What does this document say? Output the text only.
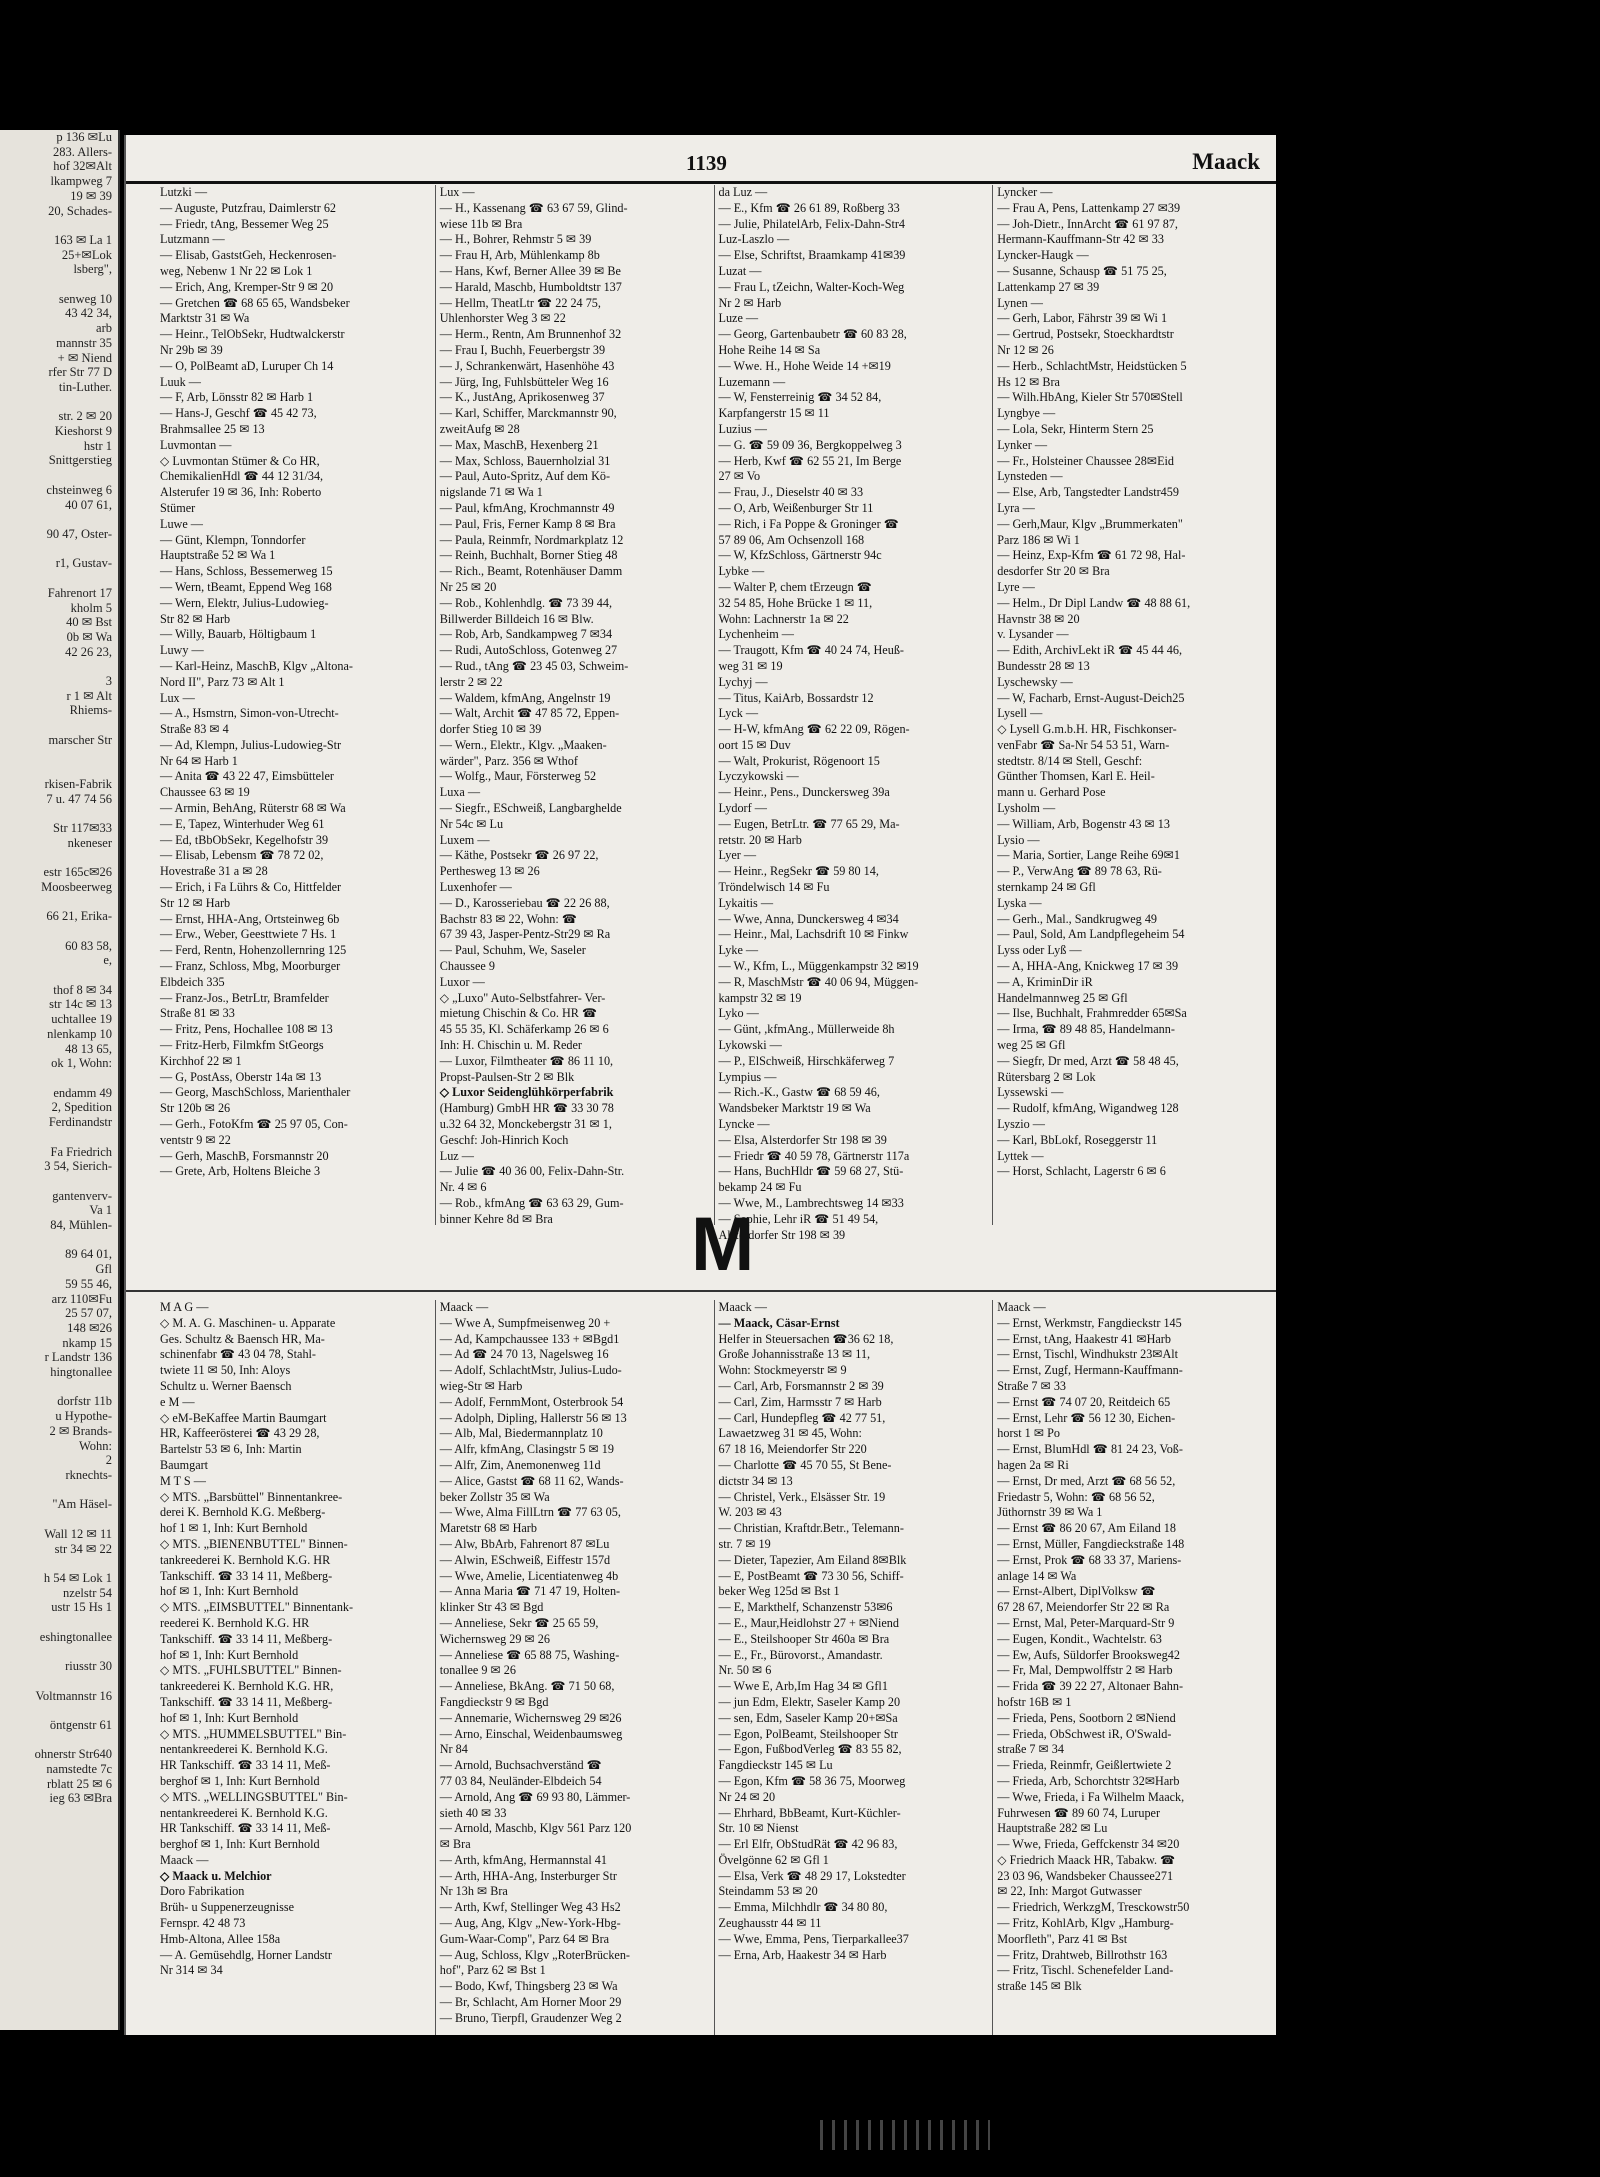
p 136 ✉Lu
283. Allers-
hof 32✉Alt
lkampweg 7
19 ✉ 39
20, Schades-

163 ✉ La 1
25+✉Lok
lsberg",

senweg 10
43 42 34,
arb
mannstr 35
+ ✉ Niend
rfer Str 77 D
tin-Luther.

str. 2 ✉ 20
Kieshorst 9
hstr 1
Snittgerstieg

chsteinweg 6
40 07 61,

90 47, Oster-

r1, Gustav-

Fahrenort 17
kholm 5
40 ✉ Bst
0b ✉ Wa
42 26 23,

3
r 1 ✉ Alt
Rhiems-

marscher Str

rkisen-Fabrik
7 u. 47 74 56

Str 117✉33
nkeneser

estr 165c✉26
Moosbeerweg

66 21, Erika-

60 83 58,
e,

thof 8 ✉ 34
str 14c ✉ 13
uchtallee 19
nlenkamp 10
48 13 65,
ok 1, Wohn:

endamm 49
2, Spedition
Ferdinandstr

Fa Friedrich
3 54, Sierich-

gantenverv-
Va 1
84, Mühlen-

89 64 01,
Gfl
59 55 46,
arz 110✉Fu
25 57 07,
148 ✉26
nkamp 15
r Landstr 136
hingtonallee

dorfstr 11b
u Hypothe-
2 ✉ Brands-
Wohn:
2
rknechts-

"Am Häsel-

Wall 12 ✉ 11
str 34 ✉ 22

h 54 ✉ Lok 1
nzelstr 54
ustr 15 Hs 1

eshingtonallee

riusstr 30

Voltmannstr 16

öntgenstr 61

ohnerstr Str640
namstedte 7c
rblatt 25 ✉ 6
ieg 63 ✉Bra
1139	Maack
Lutzki —
— Auguste, Putzfrau, Daimlerstr 62
— Friedr, tAng, Bessemer Weg 25
Lutzmann —
— Elisab, GaststGeh, Heckenrosen-
weg, Nebenw 1 Nr 22 ✉ Lok 1
— Erich, Ang, Kremper-Str 9 ✉ 20
— Gretchen ☎ 68 65 65, Wandsbeker
Marktstr 31 ✉ Wa
— Heinr., TelObSekr, Hudtwalckerstr
Nr 29b ✉ 39
— O, PolBeamt aD, Luruper Ch 14
Luuk —
— F, Arb, Lönsstr 82 ✉ Harb 1
— Hans-J, Geschf ☎ 45 42 73,
Brahmsallee 25 ✉ 13
Luvmontan —
◇ Luvmontan Stümer & Co HR,
ChemikalienHdl ☎ 44 12 31/34,
Alsterufer 19 ✉ 36, Inh: Roberto
Stümer
Luwe —
— Günt, Klempn, Tonndorfer
Hauptstraße 52 ✉ Wa 1
— Hans, Schloss, Bessemerweg 15
— Wern, tBeamt, Eppend Weg 168
— Wern, Elektr, Julius-Ludowieg-
Str 82 ✉ Harb
— Willy, Bauarb, Höltigbaum 1
Luwy —
— Karl-Heinz, MaschB, Klgv „Altona-
Nord II", Parz 73 ✉ Alt 1
Lux —
— A., Hsmstrn, Simon-von-Utrecht-
Straße 83 ✉ 4
— Ad, Klempn, Julius-Ludowieg-Str
Nr 64 ✉ Harb 1
— Anita ☎ 43 22 47, Eimsbütteler
Chaussee 63 ✉ 19
— Armin, BehAng, Rüterstr 68 ✉ Wa
— E, Tapez, Winterhuder Weg 61
— Ed, tBbObSekr, Kegelhofstr 39
— Elisab, Lebensm ☎ 78 72 02,
Hovestraße 31 a ✉ 28
— Erich, i Fa Lührs & Co, Hittfelder
Str 12 ✉ Harb
— Ernst, HHA-Ang, Ortsteinweg 6b
— Erw., Weber, Geesttwiete 7 Hs. 1
— Ferd, Rentn, Hohenzollernring 125
— Franz, Schloss, Mbg, Moorburger
Elbdeich 335
— Franz-Jos., BetrLtr, Bramfelder
Straße 81 ✉ 33
— Fritz, Pens, Hochallee 108 ✉ 13
— Fritz-Herb, Filmkfm StGeorgs
Kirchhof 22 ✉ 1
— G, PostAss, Oberstr 14a ✉ 13
— Georg, MaschSchloss, Marienthaler
Str 120b ✉ 26
— Gerh., FotoKfm ☎ 25 97 05, Con-
ventstr 9 ✉ 22
— Gerh, MaschB, Forsmannstr 20
— Grete, Arb, Holtens Bleiche 3
Lux —
— H., Kassenang ☎ 63 67 59, Glind-
wiese 11b ✉ Bra
— H., Bohrer, Rehmstr 5 ✉ 39
— Frau H, Arb, Mühlenkamp 8b
— Hans, Kwf, Berner Allee 39 ✉ Be
— Harald, Maschb, Humboldtstr 137
— Hellm, TheatLtr ☎ 22 24 75,
Uhlenhorster Weg 3 ✉ 22
— Herm., Rentn, Am Brunnenhof 32
— Frau I, Buchh, Feuerbergstr 39
— J, Schrankenwärt, Hasenhöhe 43
— Jürg, Ing, Fuhlsbütteler Weg 16
— K., JustAng, Aprikosenweg 37
— Karl, Schiffer, Marckmannstr 90,
zweitAufg ✉ 28
— Max, MaschB, Hexenberg 21
— Max, Schloss, Bauernholzial 31
— Paul, Auto-Spritz, Auf dem Kö-
nigslande 71 ✉ Wa 1
— Paul, kfmAng, Krochmannstr 49
— Paul, Fris, Ferner Kamp 8 ✉ Bra
— Paula, Reinmfr, Nordmarkplatz 12
— Reinh, Buchhalt, Borner Stieg 48
— Rich., Beamt, Rotenhäuser Damm
Nr 25 ✉ 20
— Rob., Kohlenhdlg. ☎ 73 39 44,
Billwerder Billdeich 16 ✉ Blw.
— Rob, Arb, Sandkampweg 7 ✉34
— Rudi, AutoSchloss, Gotenweg 27
— Rud., tAng ☎ 23 45 03, Schweim-
lerstr 2 ✉ 22
— Waldem, kfmAng, Angelnstr 19
— Walt, Archit ☎ 47 85 72, Eppen-
dorfer Stieg 10 ✉ 39
— Wern., Elektr., Klgv. „Maaken-
wärder", Parz. 356 ✉ Wthof
— Wolfg., Maur, Försterweg 52
Luxa —
— Siegfr., ESchweiß, Langbarghelde
Nr 54c ✉ Lu
Luxem —
— Käthe, Postsekr ☎ 26 97 22,
Perthesweg 13 ✉ 26
Luxenhofer —
— D., Karosseriebau ☎ 22 26 88,
Bachstr 83 ✉ 22, Wohn: ☎
67 39 43, Jasper-Pentz-Str29 ✉ Ra
— Paul, Schuhm, We, Saseler
Chaussee 9
Luxor —
◇ „Luxo" Auto-Selbstfahrer- Ver-
mietung Chischin & Co. HR ☎
45 55 35, Kl. Schäferkamp 26 ✉ 6
Inh: H. Chischin u. M. Reder
— Luxor, Filmtheater ☎ 86 11 10,
Propst-Paulsen-Str 2 ✉ Blk
◇ Luxor Seidenglühkörperfabrik
(Hamburg) GmbH HR ☎ 33 30 78
u.32 64 32, Monckebergstr 31 ✉ 1,
Geschf: Joh-Hinrich Koch
Luz —
— Julie ☎ 40 36 00, Felix-Dahn-Str.
Nr. 4 ✉ 6
— Rob., kfmAng ☎ 63 63 29, Gum-
binner Kehre 8d ✉ Bra
da Luz —
— E., Kfm ☎ 26 61 89, Roßberg 33
— Julie, PhilatelArb, Felix-Dahn-Str4
Luz-Laszlo —
— Else, Schriftst, Braamkamp 41✉39
Luzat —
— Frau L, tZeichn, Walter-Koch-Weg
Nr 2 ✉ Harb
Luze —
— Georg, Gartenbaubetr ☎ 60 83 28,
Hohe Reihe 14 ✉ Sa
— Wwe. H., Hohe Weide 14 +✉19
Luzemann —
— W, Fensterreinig ☎ 34 52 84,
Karpfangerstr 15 ✉ 11
Luzius —
— G. ☎ 59 09 36, Bergkoppelweg 3
— Herb, Kwf ☎ 62 55 21, Im Berge
27 ✉ Vo
— Frau, J., Dieselstr 40 ✉ 33
— O, Arb, Weißenburger Str 11
— Rich, i Fa Poppe & Groninger ☎
57 89 06, Am Ochsenzoll 168
— W, KfzSchloss, Gärtnerstr 94c
Lybke —
— Walter P, chem tErzeugn ☎
32 54 85, Hohe Brücke 1 ✉ 11,
Wohn: Lachnerstr 1a ✉ 22
Lychenheim —
— Traugott, Kfm ☎ 40 24 74, Heuß-
weg 31 ✉ 19
Lychyj —
— Titus, KaiArb, Bossardstr 12
Lyck —
— H-W, kfmAng ☎ 62 22 09, Rögen-
oort 15 ✉ Duv
— Walt, Prokurist, Rögenoort 15
Lyczykowski —
— Heinr., Pens., Dunckersweg 39a
Lydorf —
— Eugen, BetrLtr. ☎ 77 65 29, Ma-
retstr. 20 ✉ Harb
Lyer —
— Heinr., RegSekr ☎ 59 80 14,
Tröndelwisch 14 ✉ Fu
Lykaitis —
— Wwe, Anna, Dunckersweg 4 ✉34
— Heinr., Mal, Lachsdrift 10 ✉ Finkw
Lyke —
— W., Kfm, L., Müggenkampstr 32 ✉19
— R, MaschMstr ☎ 40 06 94, Müggen-
kampstr 32 ✉ 19
Lyko —
— Günt, ,kfmAng., Müllerweide 8h
Lykowski —
— P., ElSchweiß, Hirschkäferweg 7
Lympius —
— Rich.-K., Gastw ☎ 68 59 46,
Wandsbeker Marktstr 19 ✉ Wa
Lyncke —
— Elsa, Alsterdorfer Str 198 ✉ 39
— Friedr ☎ 40 59 78, Gärtnerstr 117a
— Hans, BuchHldr ☎ 59 68 27, Stü-
bekamp 24 ✉ Fu
— Wwe, M., Lambrechtsweg 14 ✉33
— Sophie, Lehr iR ☎ 51 49 54,
Alsterdorfer Str 198 ✉ 39
Lyncker —
— Frau A, Pens, Lattenkamp 27 ✉39
— Joh-Dietr., InnArcht ☎ 61 97 87,
Hermann-Kauffmann-Str 42 ✉ 33
Lyncker-Haugk —
— Susanne, Schausp ☎ 51 75 25,
Lattenkamp 27 ✉ 39
Lynen —
— Gerh, Labor, Fährstr 39 ✉ Wi 1
— Gertrud, Postsekr, Stoeckhardtstr
Nr 12 ✉ 26
— Herb., SchlachtMstr, Heidstücken 5
Hs 12 ✉ Bra
— Wilh.HbAng, Kieler Str 570✉Stell
Lyngbye —
— Lola, Sekr, Hinterm Stern 25
Lynker —
— Fr., Holsteiner Chaussee 28✉Eid
Lynsteden —
— Else, Arb, Tangstedter Landstr459
Lyra —
— Gerh,Maur, Klgv „Brummerkaten"
Parz 186 ✉ Wi 1
— Heinz, Exp-Kfm ☎ 61 72 98, Hal-
desdorfer Str 20 ✉ Bra
Lyre —
— Helm., Dr Dipl Landw ☎ 48 88 61,
Havnstr 38 ✉ 20
v. Lysander —
— Edith, ArchivLekt iR ☎ 45 44 46,
Bundesstr 28 ✉ 13
Lyschewsky —
— W, Facharb, Ernst-August-Deich25
Lysell —
◇ Lysell G.m.b.H. HR, Fischkonser-
venFabr ☎ Sa-Nr 54 53 51, Warn-
stedtstr. 8/14 ✉ Stell, Geschf:
Günther Thomsen, Karl E. Heil-
mann u. Gerhard Pose
Lysholm —
— William, Arb, Bogenstr 43 ✉ 13
Lysio —
— Maria, Sortier, Lange Reihe 69✉1
— P., VerwAng ☎ 89 78 63, Rü-
sternkamp 24 ✉ Gfl
Lyska —
— Gerh., Mal., Sandkrugweg 49
— Paul, Sold, Am Landpflegeheim 54
Lyss oder Lyß —
— A, HHA-Ang, Knickweg 17 ✉ 39
— A, KriminDir iR
Handelmannweg 25 ✉ Gfl
— Ilse, Buchhalt, Frahmredder 65✉Sa
— Irma, ☎ 89 48 85, Handelmann-
weg 25 ✉ Gfl
— Siegfr, Dr med, Arzt ☎ 58 48 45,
Rütersbarg 2 ✉ Lok
Lyssewski —
— Rudolf, kfmAng, Wigandweg 128
Lyszio —
— Karl, BbLokf, Roseggerstr 11
Lyttek —
— Horst, Schlacht, Lagerstr 6 ✉ 6
M
M A G —
◇ M. A. G. Maschinen- u. Apparate
Ges. Schultz & Baensch HR, Ma-
schinenfabr ☎ 43 04 78, Stahl-
twiete 11 ✉ 50, Inh: Aloys
Schultz u. Werner Baensch
e M —
◇ eM-BeKaffee Martin Baumgart
HR, Kaffeerösterei ☎ 43 29 28,
Bartelstr 53 ✉ 6, Inh: Martin
Baumgart
M T S —
◇ MTS. „Barsbüttel" Binnentankree-
derei K. Bernhold K.G. Meßberg-
hof 1 ✉ 1, Inh: Kurt Bernhold
◇ MTS. „BIENENBUTTEL" Binnen-
tankreederei K. Bernhold K.G. HR
Tankschiff. ☎ 33 14 11, Meßberg-
hof ✉ 1, Inh: Kurt Bernhold
◇ MTS. „EIMSBUTTEL" Binnentank-
reederei K. Bernhold K.G. HR
Tankschiff. ☎ 33 14 11, Meßberg-
hof ✉ 1, Inh: Kurt Bernhold
◇ MTS. „FUHLSBUTTEL" Binnen-
tankreederei K. Bernhold K.G. HR,
Tankschiff. ☎ 33 14 11, Meßberg-
hof ✉ 1, Inh: Kurt Bernhold
◇ MTS. „HUMMELSBUTTEL" Bin-
nentankreederei K. Bernhold K.G.
HR Tankschiff. ☎ 33 14 11, Meß-
berghof ✉ 1, Inh: Kurt Bernhold
◇ MTS. „WELLINGSBUTTEL" Bin-
nentankreederei K. Bernhold K.G.
HR Tankschiff. ☎ 33 14 11, Meß-
berghof ✉ 1, Inh: Kurt Bernhold
Maack —
◇ Maack u. Melchior
Doro Fabrikation
Brüh- u Suppenerzeugnisse
Fernspr. 42 48 73
Hmb-Altona, Allee 158a
— A. Gemüsehdlg, Horner Landstr
Nr 314 ✉ 34
Maack —
— Wwe A, Sumpfmeisenweg 20 +
— Ad, Kampchaussee 133 + ✉Bgd1
— Ad ☎ 24 70 13, Nagelsweg 16
— Adolf, SchlachtMstr, Julius-Ludo-
wieg-Str ✉ Harb
— Adolf, FernmMont, Osterbrook 54
— Adolph, Dipling, Hallerstr 56 ✉ 13
— Alb, Mal, Biedermannplatz 10
— Alfr, kfmAng, Clasingstr 5 ✉ 19
— Alfr, Zim, Anemonenweg 11d
— Alice, Gastst ☎ 68 11 62, Wands-
beker Zollstr 35 ✉ Wa
— Wwe, Alma FillLtrn ☎ 77 63 05,
Maretstr 68 ✉ Harb
— Alw, BbArb, Fahrenort 87 ✉Lu
— Alwin, ESchweiß, Eiffestr 157d
— Wwe, Amelie, Licentiatenweg 4b
— Anna Maria ☎ 71 47 19, Holten-
klinker Str 43 ✉ Bgd
— Anneliese, Sekr ☎ 25 65 59,
Wichernsweg 29 ✉ 26
— Anneliese ☎ 65 88 75, Washing-
tonallee 9 ✉ 26
— Anneliese, BkAng. ☎ 71 50 68,
Fangdieckstr 9 ✉ Bgd
— Annemarie, Wichernsweg 29 ✉26
— Arno, Einschal, Weidenbaumsweg
Nr 84
— Arnold, Buchsachverständ ☎
77 03 84, Neuländer-Elbdeich 54
— Arnold, Ang ☎ 69 93 80, Lämmer-
sieth 40 ✉ 33
— Arnold, Maschb, Klgv 561 Parz 120
✉ Bra
— Arth, kfmAng, Hermannstal 41
— Arth, HHA-Ang, Insterburger Str
Nr 13h ✉ Bra
— Arth, Kwf, Stellinger Weg 43 Hs2
— Aug, Ang, Klgv „New-York-Hbg-
Gum-Waar-Comp", Parz 64 ✉ Bra
— Aug, Schloss, Klgv „RoterBrücken-
hof", Parz 62 ✉ Bst 1
— Bodo, Kwf, Thingsberg 23 ✉ Wa
— Br, Schlacht, Am Horner Moor 29
— Bruno, Tierpfl, Graudenzer Weg 2
Maack —
— Maack, Cäsar-Ernst
Helfer in Steuersachen ☎36 62 18,
Große Johannisstraße 13 ✉ 11,
Wohn: Stockmeyerstr ✉ 9
— Carl, Arb, Forsmannstr 2 ✉ 39
— Carl, Zim, Harmsstr 7 ✉ Harb
— Carl, Hundepfleg ☎ 42 77 51,
Lawaetzweg 31 ✉ 45, Wohn:
67 18 16, Meiendorfer Str 220
— Charlotte ☎ 45 70 55, St Bene-
dictstr 34 ✉ 13
— Christel, Verk., Elsässer Str. 19
W. 203 ✉ 43
— Christian, Kraftdr.Betr., Telemann-
str. 7 ✉ 19
— Dieter, Tapezier, Am Eiland 8✉Blk
— E, PostBeamt ☎ 73 30 56, Schiff-
beker Weg 125d ✉ Bst 1
— E, Markthelf, Schanzenstr 53✉6
— E., Maur,Heidlohstr 27 + ✉Niend
— E., Steilshooper Str 460a ✉ Bra
— E., Fr., Bürovorst., Amandastr.
Nr. 50 ✉ 6
— Wwe E, Arb,Im Hag 34 ✉ Gfl1
— jun Edm, Elektr, Saseler Kamp 20
— sen, Edm, Saseler Kamp 20+✉Sa
— Egon, PolBeamt, Steilshooper Str
— Egon, FußbodVerleg ☎ 83 55 82,
Fangdieckstr 145 ✉ Lu
— Egon, Kfm ☎ 58 36 75, Moorweg
Nr 24 ✉ 20
— Ehrhard, BbBeamt, Kurt-Küchler-
Str. 10 ✉ Nienst
— Erl Elfr, ObStudRät ☎ 42 96 83,
Övelgönne 62 ✉ Gfl 1
— Elsa, Verk ☎ 48 29 17, Lokstedter
Steindamm 53 ✉ 20
— Emma, Milchhdlr ☎ 34 80 80,
Zeughausstr 44 ✉ 11
— Wwe, Emma, Pens, Tierparkallee37
— Erna, Arb, Haakestr 34 ✉ Harb
Maack —
— Ernst, Werkmstr, Fangdieckstr 145
— Ernst, tAng, Haakestr 41 ✉Harb
— Ernst, Tischl, Windhukstr 23✉Alt
— Ernst, Zugf, Hermann-Kauffmann-
Straße 7 ✉ 33
— Ernst ☎ 74 07 20, Reitdeich 65
— Ernst, Lehr ☎ 56 12 30, Eichen-
horst 1 ✉ Po
— Ernst, BlumHdl ☎ 81 24 23, Voß-
hagen 2a ✉ Ri
— Ernst, Dr med, Arzt ☎ 68 56 52,
Friedastr 5, Wohn: ☎ 68 56 52,
Jüthornstr 39 ✉ Wa 1
— Ernst ☎ 86 20 67, Am Eiland 18
— Ernst, Müller, Fangdieckstraße 148
— Ernst, Prok ☎ 68 33 37, Mariens-
anlage 14 ✉ Wa
— Ernst-Albert, DiplVolksw ☎
67 28 67, Meiendorfer Str 22 ✉ Ra
— Ernst, Mal, Peter-Marquard-Str 9
— Eugen, Kondit., Wachtelstr. 63
— Ew, Aufs, Süldorfer Brooksweg42
— Fr, Mal, Dempwolffstr 2 ✉ Harb
— Frida ☎ 39 22 27, Altonaer Bahn-
hofstr 16B ✉ 1
— Frieda, Pens, Sootborn 2 ✉Niend
— Frieda, ObSchwest iR, O'Swald-
straße 7 ✉ 34
— Frieda, Reinmfr, Geißlertwiete 2
— Frieda, Arb, Schorchtstr 32✉Harb
— Wwe, Frieda, i Fa Wilhelm Maack,
Fuhrwesen ☎ 89 60 74, Luruper
Hauptstraße 282 ✉ Lu
— Wwe, Frieda, Geffckenstr 34 ✉20
◇ Friedrich Maack HR, Tabakw. ☎
23 03 96, Wandsbeker Chaussee271
✉ 22, Inh: Margot Gutwasser
— Friedrich, WerkzgM, Tresckowstr50
— Fritz, KohlArb, Klgv „Hamburg-
Moorfleth", Parz 41 ✉ Bst
— Fritz, Drahtweb, Billrothstr 163
— Fritz, Tischl. Schenefelder Land-
straße 145 ✉ Blk
